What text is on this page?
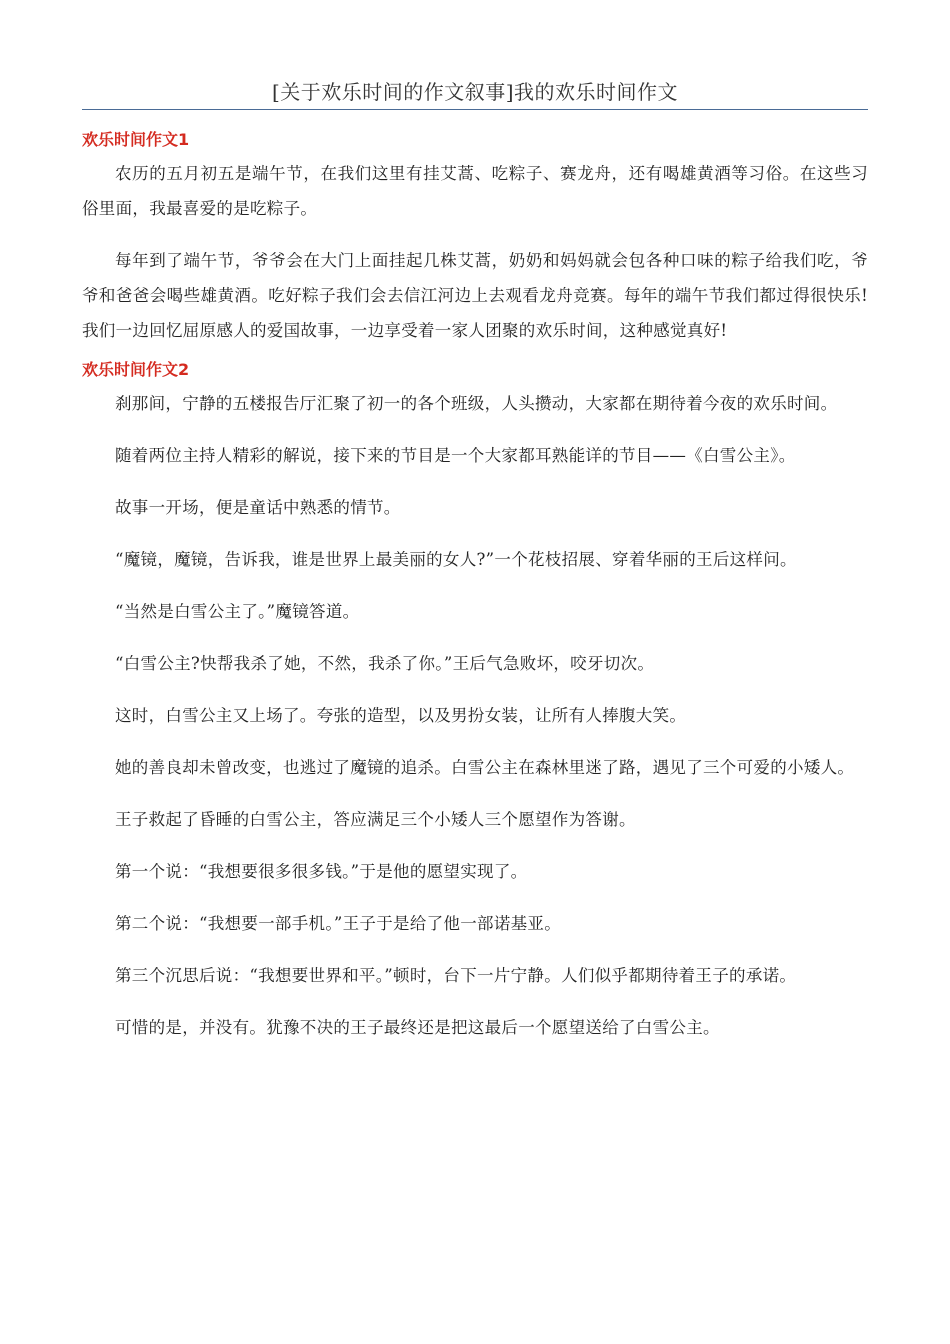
[关于欢乐时间的作文叙事]我的欢乐时间作文
欢乐时间作文1

农历的五月初五是端午节，在我们这里有挂艾蒿、吃粽子、赛龙舟，还有喝雄黄酒等习俗。在这些习俗里面，我最喜爱的是吃粽子。

每年到了端午节，爷爷会在大门上面挂起几株艾蒿，奶奶和妈妈就会包各种口味的粽子给我们吃，爷爷和爸爸会喝些雄黄酒。吃好粽子我们会去信江河边上去观看龙舟竞赛。每年的端午节我们都过得很快乐!我们一边回忆屈原感人的爱国故事，一边享受着一家人团聚的欢乐时间，这种感觉真好!

欢乐时间作文2

刹那间，宁静的五楼报告厅汇聚了初一的各个班级，人头攒动，大家都在期待着今夜的欢乐时间。

随着两位主持人精彩的解说，接下来的节目是一个大家都耳熟能详的节目——《白雪公主》。

故事一开场，便是童话中熟悉的情节。

“魔镜，魔镜，告诉我，谁是世界上最美丽的女人?”一个花枝招展、穿着华丽的王后这样问。

“当然是白雪公主了。”魔镜答道。

“白雪公主?快帮我杀了她，不然，我杀了你。”王后气急败坏，咬牙切次。

这时，白雪公主又上场了。夸张的造型，以及男扮女装，让所有人捧腹大笑。

她的善良却未曾改变，也逃过了魔镜的追杀。白雪公主在森林里迷了路，遇见了三个可爱的小矮人。

王子救起了昏睡的白雪公主，答应满足三个小矮人三个愿望作为答谢。

第一个说：“我想要很多很多钱。”于是他的愿望实现了。

第二个说：“我想要一部手机。”王子于是给了他一部诺基亚。

第三个沉思后说：“我想要世界和平。”顿时，台下一片宁静。人们似乎都期待着王子的承诺。

可惜的是，并没有。犹豫不决的王子最终还是把这最后一个愿望送给了白雪公主。
